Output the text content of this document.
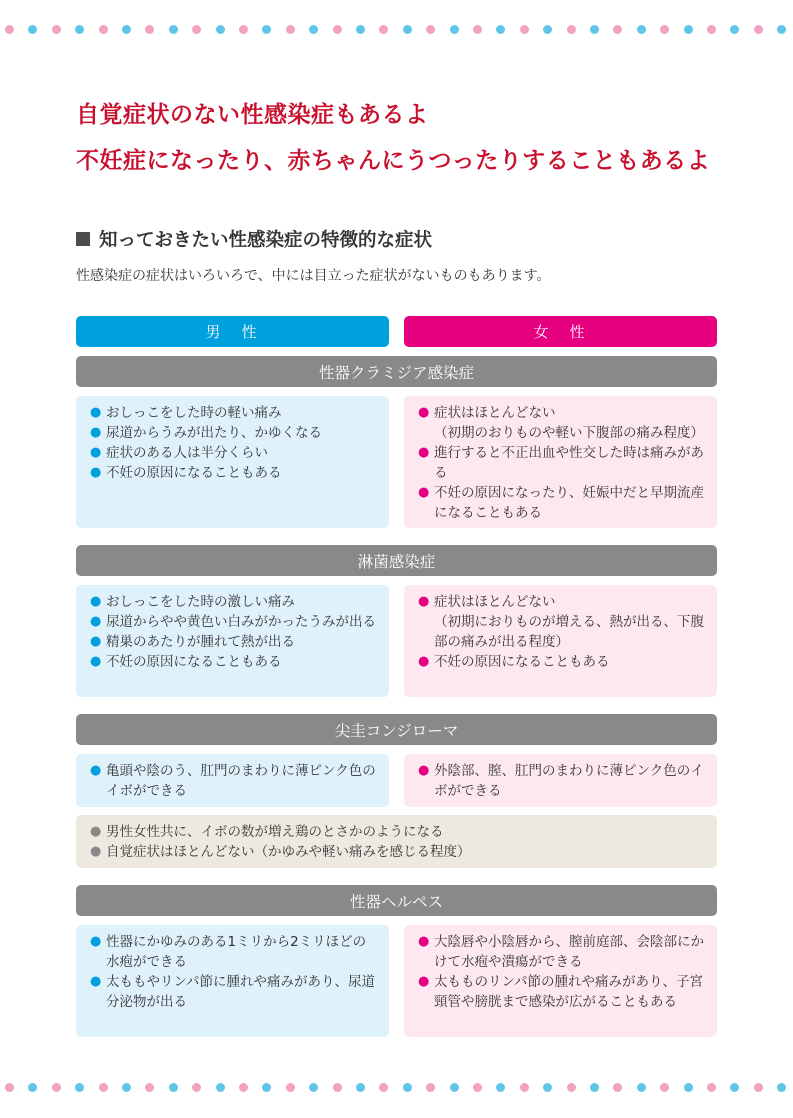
自覚症状のない性感染症もあるよ
不妊症になったり、赤ちゃんにうつったりすることもあるよ
知っておきたい性感染症の特徴的な症状
性感染症の症状はいろいろで、中には目立った症状がないものもあります。
男　性	女　性
性器クラミジア感染症
● おしっこをした時の軽い痛み
● 尿道からうみが出たり、かゆくなる
● 症状のある人は半分くらい
● 不妊の原因になることもある
● 症状はほとんどない
（初期のおりものや軽い下腹部の痛み程度）
● 進行すると不正出血や性交した時は痛みがある
● 不妊の原因になったり、妊娠中だと早期流産になることもある
淋菌感染症
● おしっこをした時の激しい痛み
● 尿道からやや黄色い白みがかったうみが出る
● 精巣のあたりが腫れて熱が出る
● 不妊の原因になることもある
● 症状はほとんどない
（初期におりものが増える、熱が出る、下腹部の痛みが出る程度）
● 不妊の原因になることもある
尖圭コンジローマ
● 亀頭や陰のう、肛門のまわりに薄ピンク色のイボができる
● 外陰部、膣、肛門のまわりに薄ピンク色のイボができる
● 男性女性共に、イボの数が増え鶏のとさかのようになる
● 自覚症状はほとんどない（かゆみや軽い痛みを感じる程度）
性器ヘルペス
● 性器にかゆみのある1ミリから2ミリほどの水疱ができる
● 太ももやリンパ節に腫れや痛みがあり、尿道分泌物が出る
● 大陰唇や小陰唇から、膣前庭部、会陰部にかけて水疱や潰瘍ができる
● 太もものリンパ節の腫れや痛みがあり、子宮頸管や膀胱まで感染が広がることもある
